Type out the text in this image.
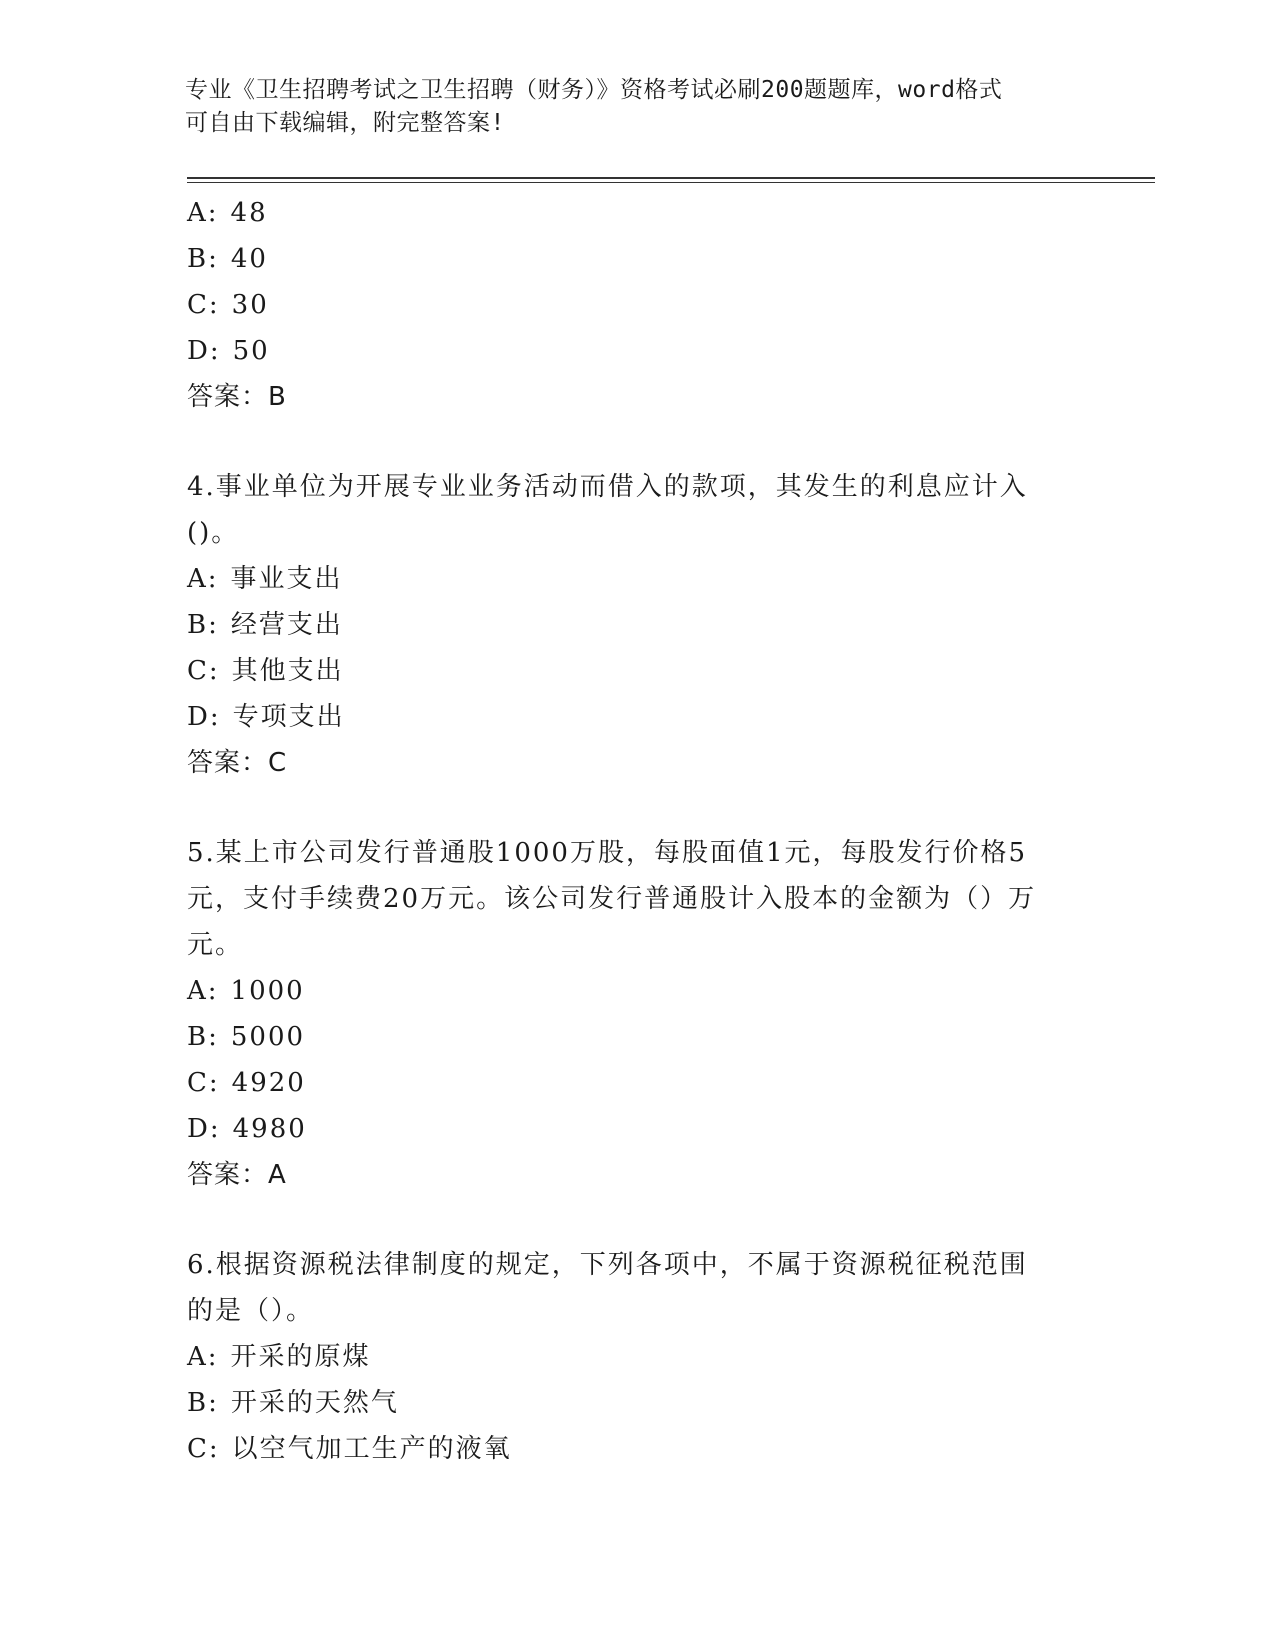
专业《卫生招聘考试之卫生招聘（财务）》资格考试必刷200题题库，word格式
可自由下载编辑，附完整答案!
A: 48
B: 40
C: 30
D: 50
答案：B
4.事业单位为开展专业业务活动而借入的款项，其发生的利息应计入
()。
A: 事业支出
B: 经营支出
C: 其他支出
D: 专项支出
答案：C
5.某上市公司发行普通股1000万股，每股面值1元，每股发行价格5
元，支付手续费20万元。该公司发行普通股计入股本的金额为（）万
元。
A: 1000
B: 5000
C: 4920
D: 4980
答案：A
6.根据资源税法律制度的规定，下列各项中，不属于资源税征税范围
的是（）。
A: 开采的原煤
B: 开采的天然气
C: 以空气加工生产的液氧
